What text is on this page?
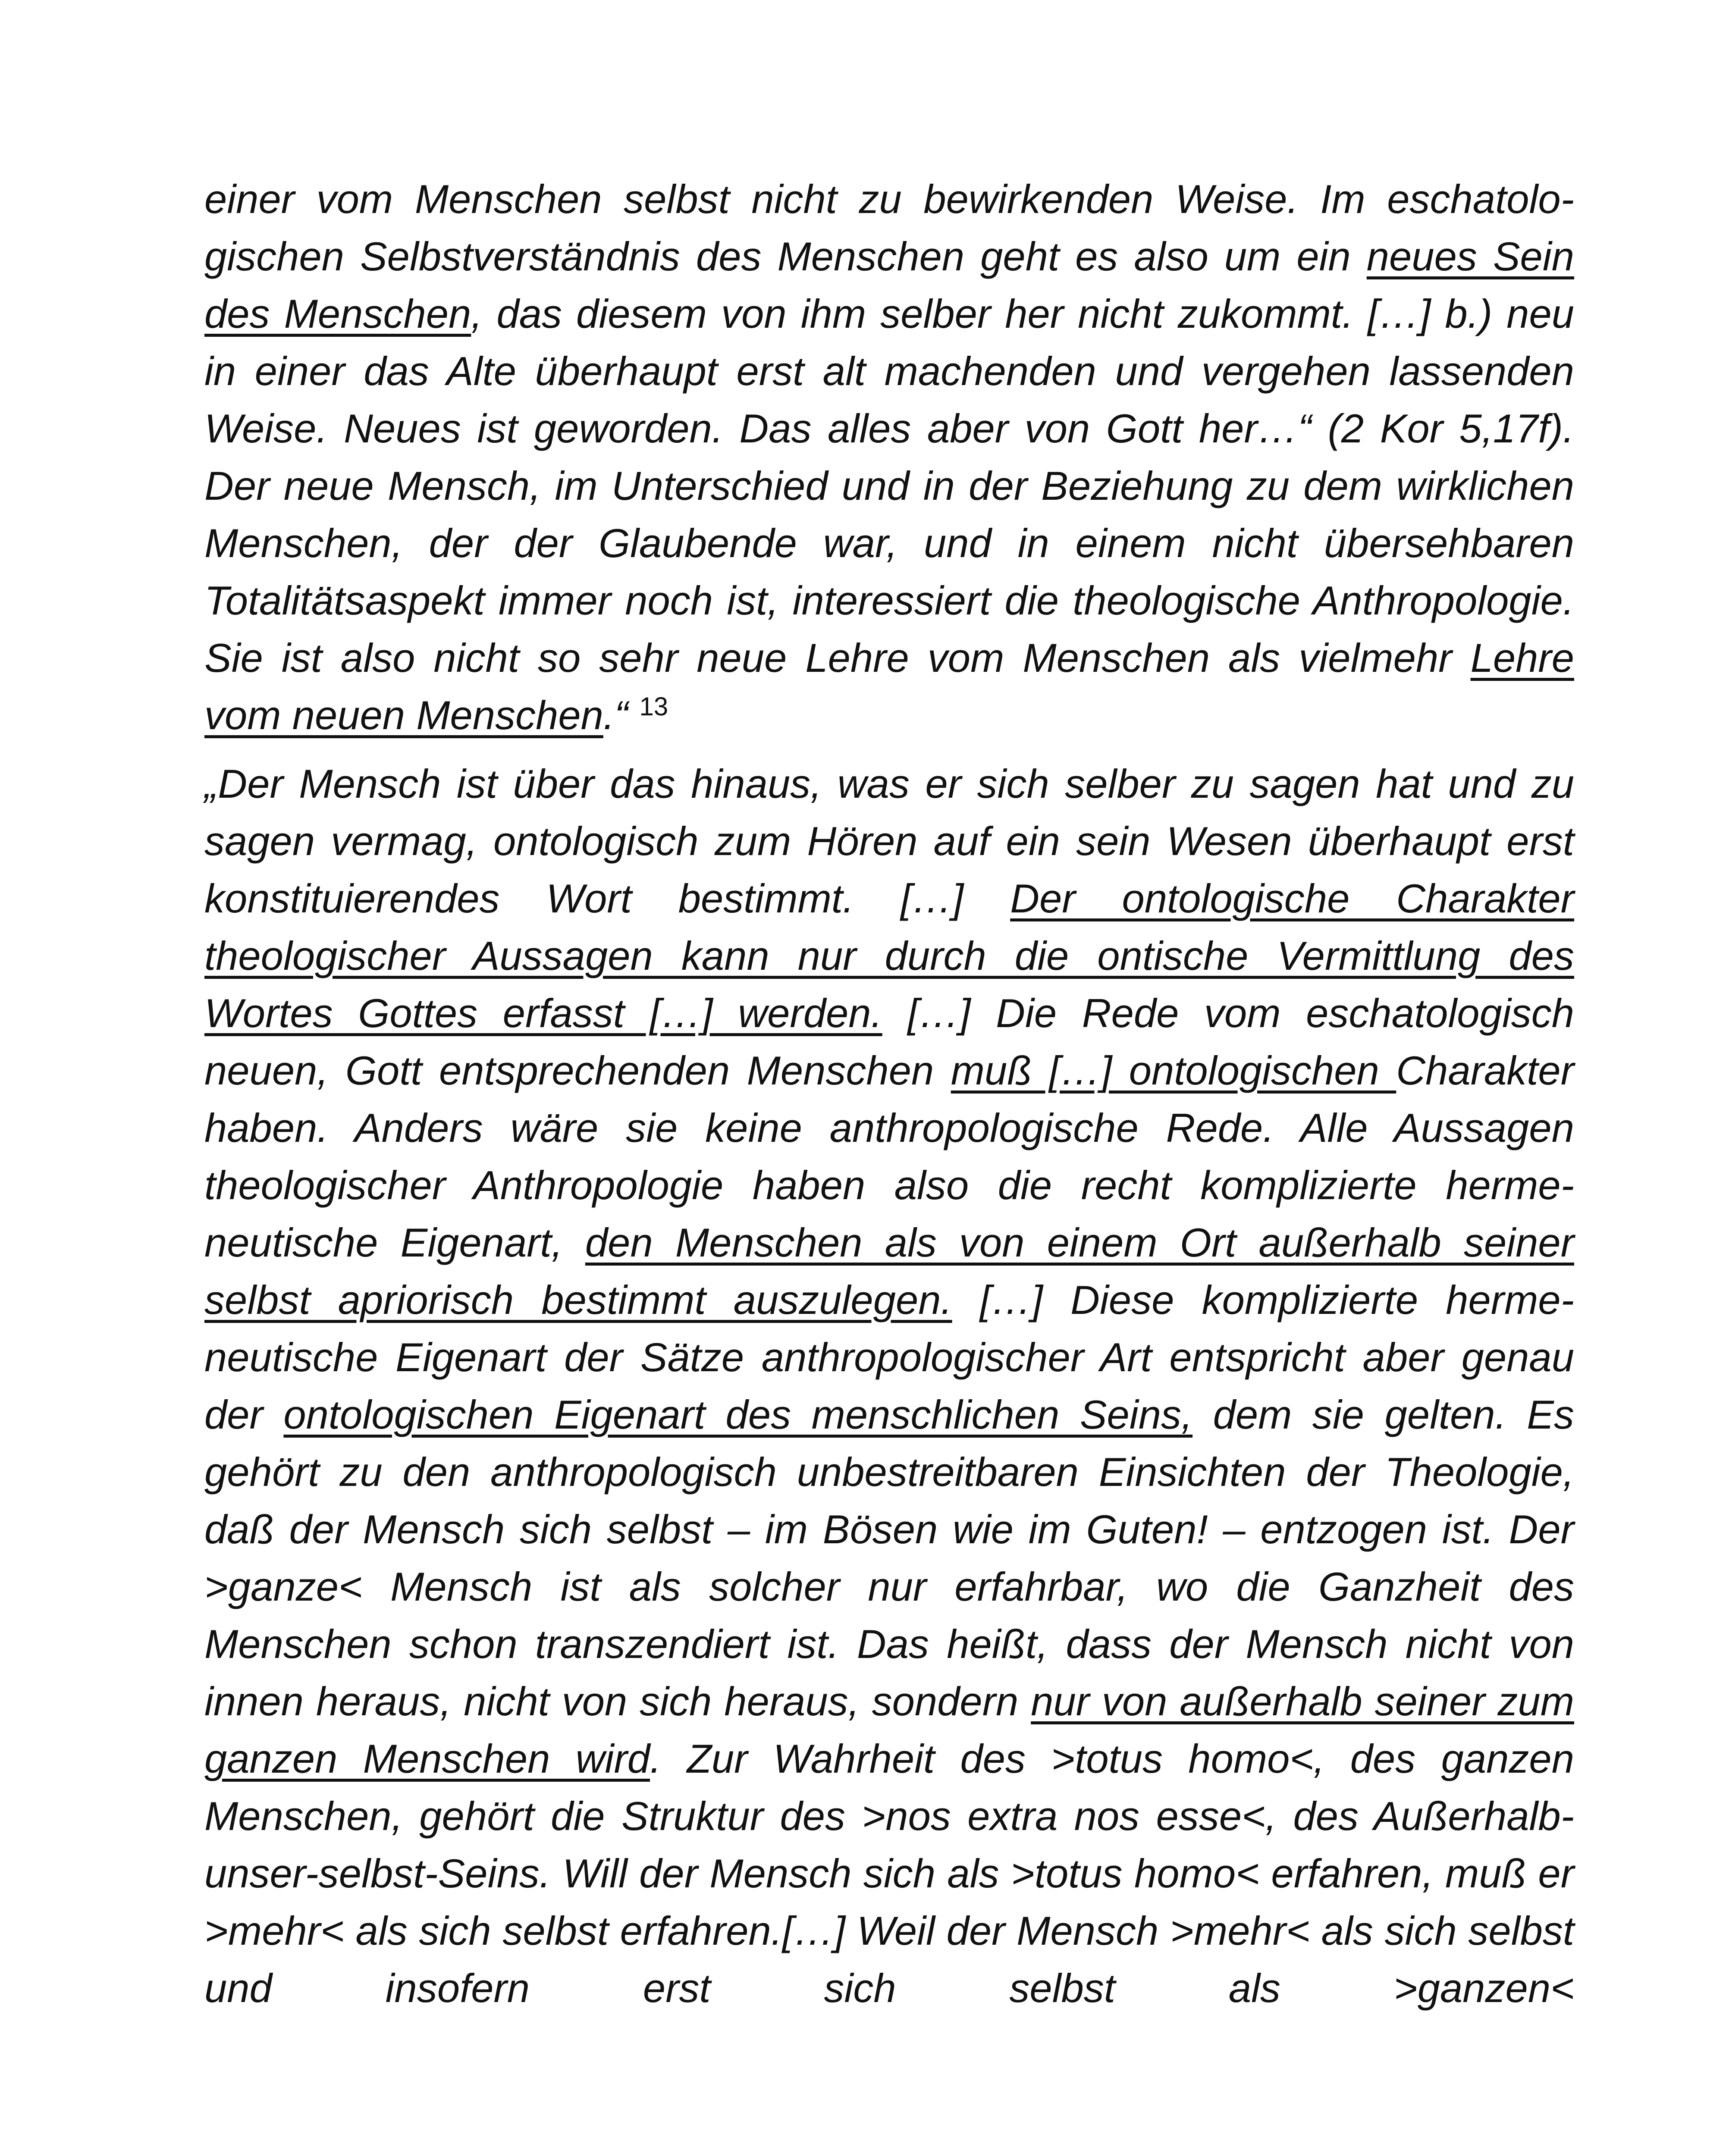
einer vom Menschen selbst nicht zu bewirkenden Weise. Im eschatologischen Selbstverständnis des Menschen geht es also um ein neues Sein des Menschen, das diesem von ihm selber her nicht zukommt. […] b.) neu in einer das Alte überhaupt erst alt machenden und vergehen lassenden Weise. Neues ist geworden. Das alles aber von Gott her…“ (2 Kor 5,17f). Der neue Mensch, im Unterschied und in der Beziehung zu dem wirklichen Menschen, der der Glaubende war, und in einem nicht übersehbaren Totalitätsaspekt immer noch ist, interessiert die theologische Anthropologie. Sie ist also nicht so sehr neue Lehre vom Menschen als vielmehr Lehre vom neuen Menschen.“ $^{13}$

„Der Mensch ist über das hinaus, was er sich selber zu sagen hat und zu sagen vermag, ontologisch zum Hören auf ein sein Wesen überhaupt erst konstituierendes Wort bestimmt. […] Der ontologische Charakter theologischer Aussagen kann nur durch die ontische Vermittlung des Wortes Gottes erfasst […] werden. […] Die Rede vom eschatologisch neuen, Gott entsprechenden Menschen muß […] ontologischen Charakter haben. Anders wäre sie keine anthropologische Rede. Alle Aussagen theologischer Anthropologie haben also die recht komplizierte hermeneutische Eigenart, den Menschen als von einem Ort außerhalb seiner selbst apriorisch bestimmt auszulegen. […] Diese komplizierte hermeneutische Eigenart der Sätze anthropologischer Art entspricht aber genau der ontologischen Eigenart des menschlichen Seins, dem sie gelten. Es gehört zu den anthropologisch unbestreitbaren Einsichten der Theologie, daß der Mensch sich selbst – im Bösen wie im Guten! – entzogen ist. Der >ganze< Mensch ist als solcher nur erfahrbar, wo die Ganzheit des Menschen schon transzendiert ist. Das heißt, dass der Mensch nicht von innen heraus, nicht von sich heraus, sondern nur von außerhalb seiner zum ganzen Menschen wird. Zur Wahrheit des >totus homo<, des ganzen Menschen, gehört die Struktur des >nos extra nos esse<, des Außerhalb-unser-selbst-Seins. Will der Mensch sich als >totus homo< erfahren, muß er >mehr< als sich selbst erfahren.[…] Weil der Mensch >mehr< als sich selbst und insofern erst sich selbst als >ganzen<
